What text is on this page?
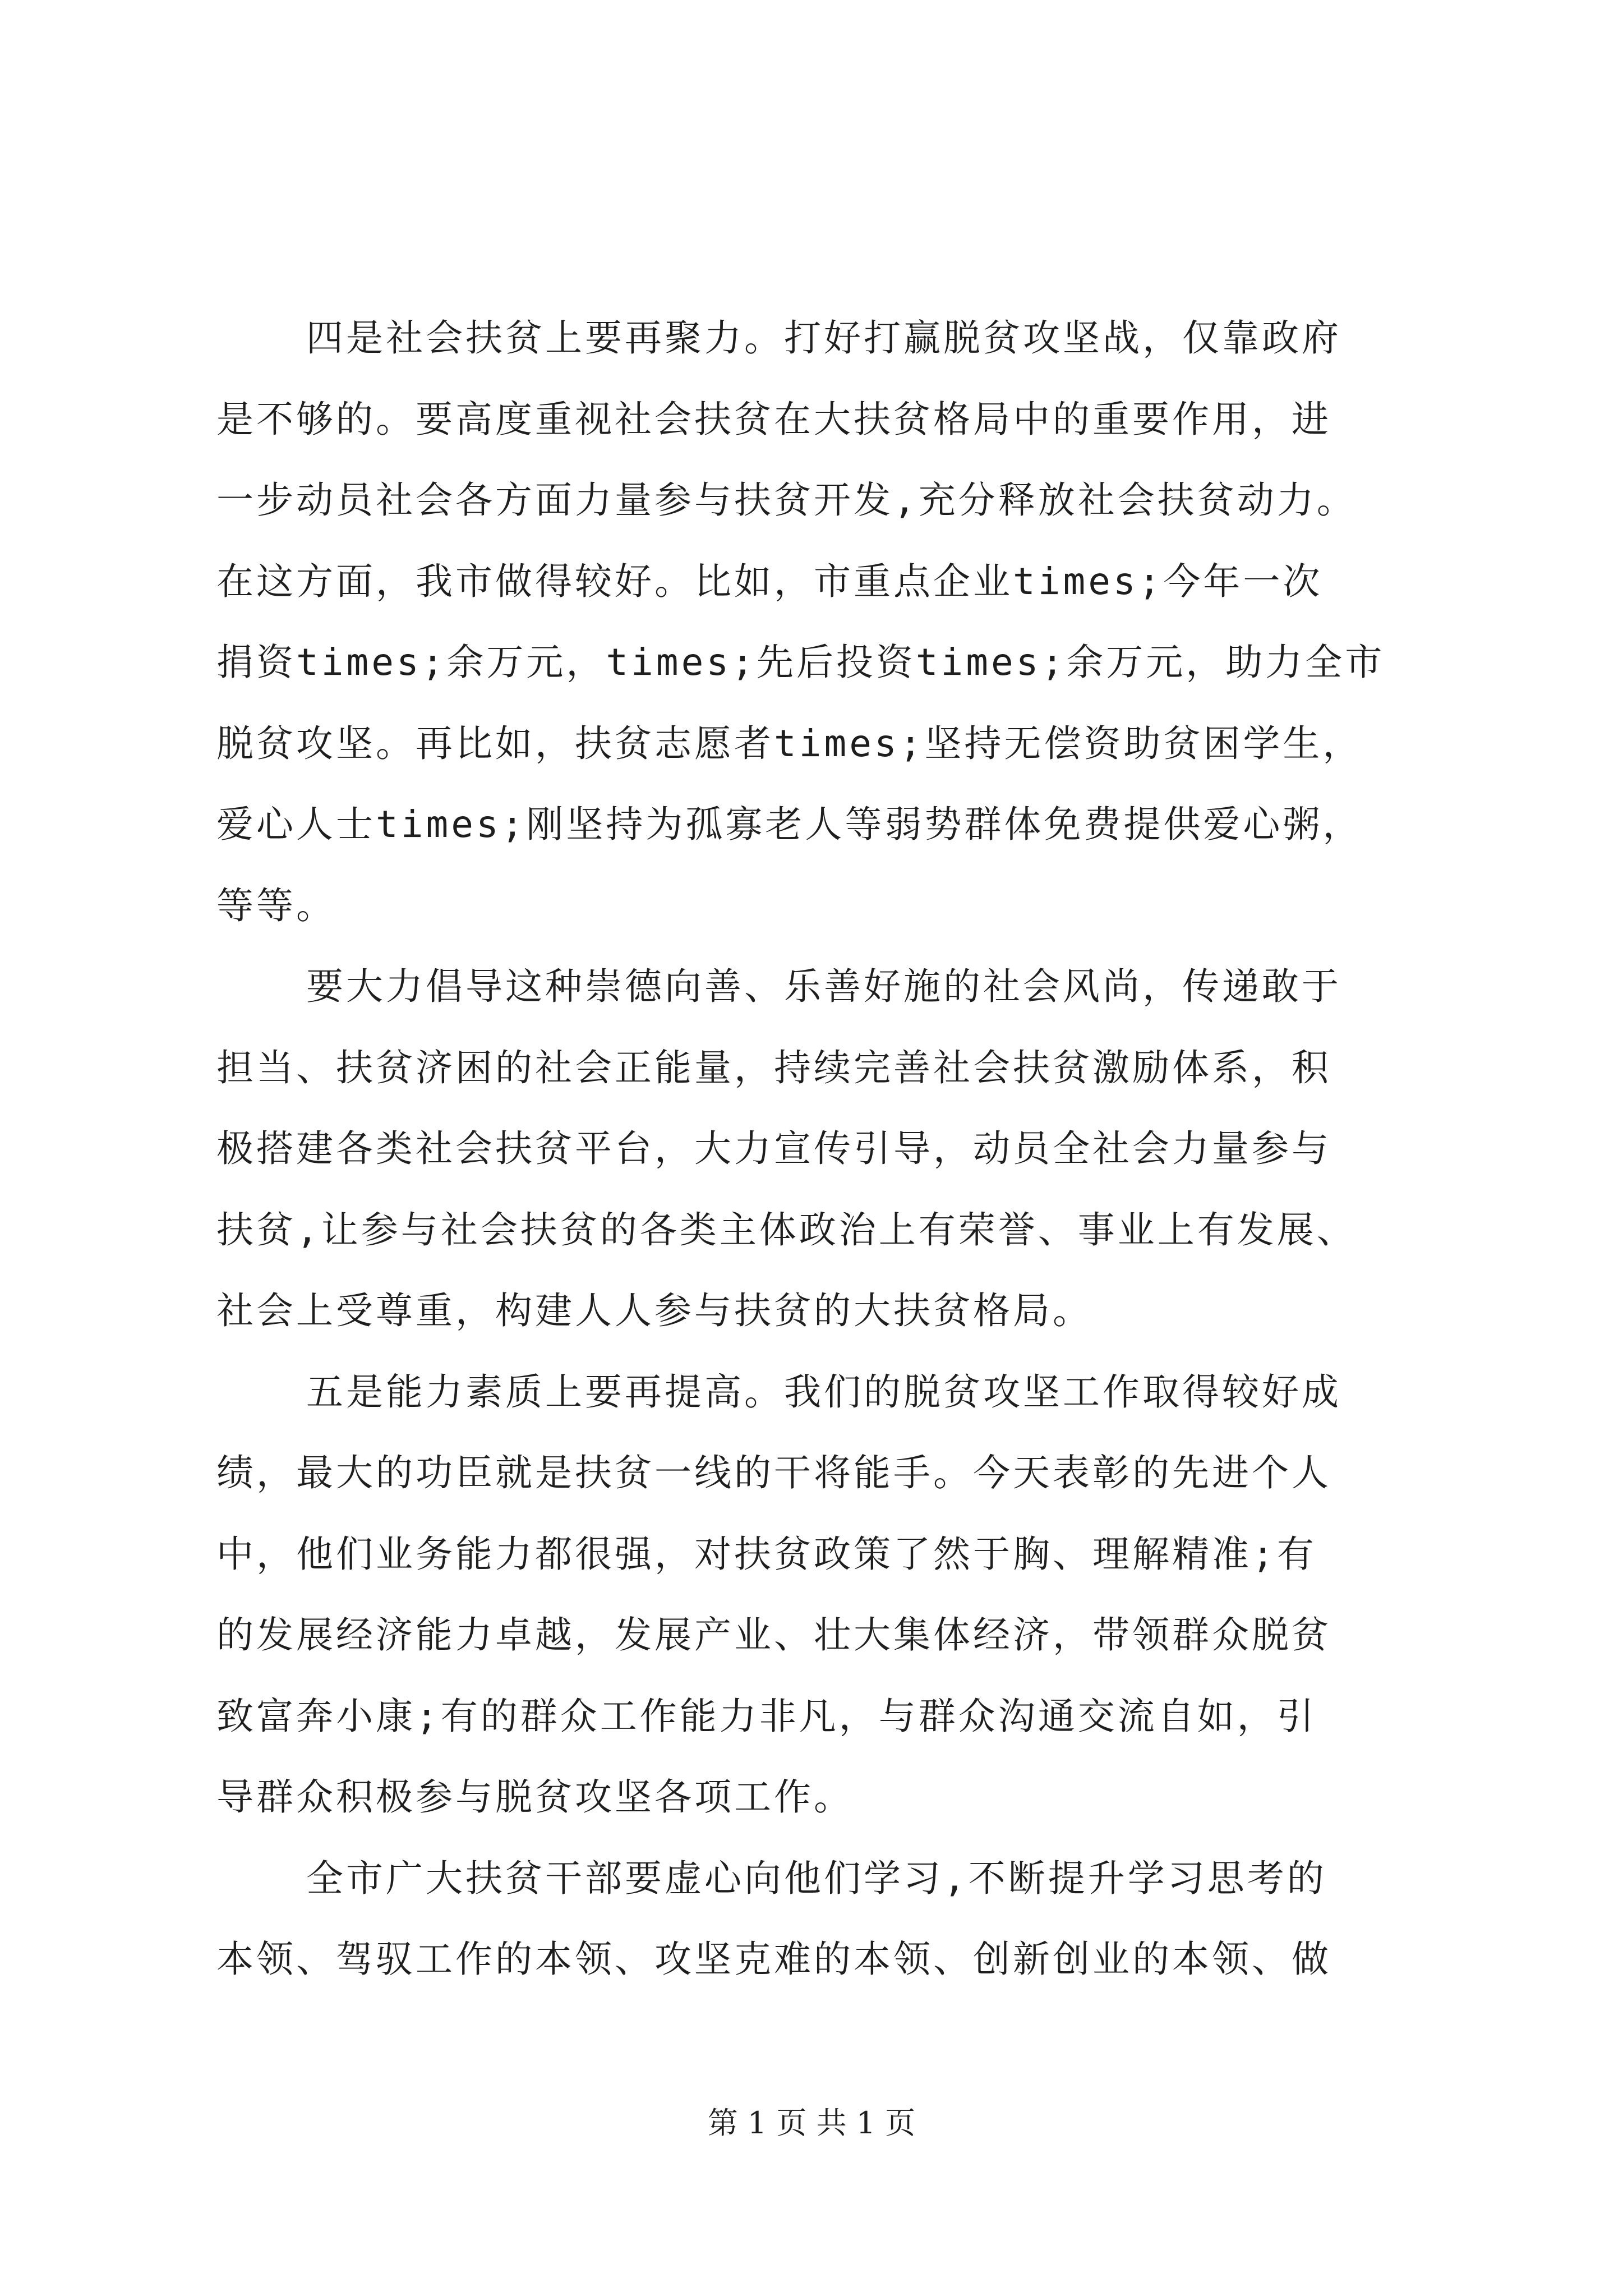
四是社会扶贫上要再聚力。打好打赢脱贫攻坚战，仅靠政府
是不够的。要高度重视社会扶贫在大扶贫格局中的重要作用，进
一步动员社会各方面力量参与扶贫开发,充分释放社会扶贫动力。
在这方面，我市做得较好。比如，市重点企业times;今年一次
捐资times;余万元，times;先后投资times;余万元，助力全市
脱贫攻坚。再比如，扶贫志愿者times;坚持无偿资助贫困学生，
爱心人士times;刚坚持为孤寡老人等弱势群体免费提供爱心粥，
等等。
要大力倡导这种崇德向善、乐善好施的社会风尚，传递敢于
担当、扶贫济困的社会正能量，持续完善社会扶贫激励体系，积
极搭建各类社会扶贫平台，大力宣传引导，动员全社会力量参与
扶贫,让参与社会扶贫的各类主体政治上有荣誉、事业上有发展、
社会上受尊重，构建人人参与扶贫的大扶贫格局。
五是能力素质上要再提高。我们的脱贫攻坚工作取得较好成
绩，最大的功臣就是扶贫一线的干将能手。今天表彰的先进个人
中，他们业务能力都很强，对扶贫政策了然于胸、理解精准;有
的发展经济能力卓越，发展产业、壮大集体经济，带领群众脱贫
致富奔小康;有的群众工作能力非凡，与群众沟通交流自如，引
导群众积极参与脱贫攻坚各项工作。
全市广大扶贫干部要虚心向他们学习,不断提升学习思考的
本领、驾驭工作的本领、攻坚克难的本领、创新创业的本领、做
第 1 页 共 1 页
